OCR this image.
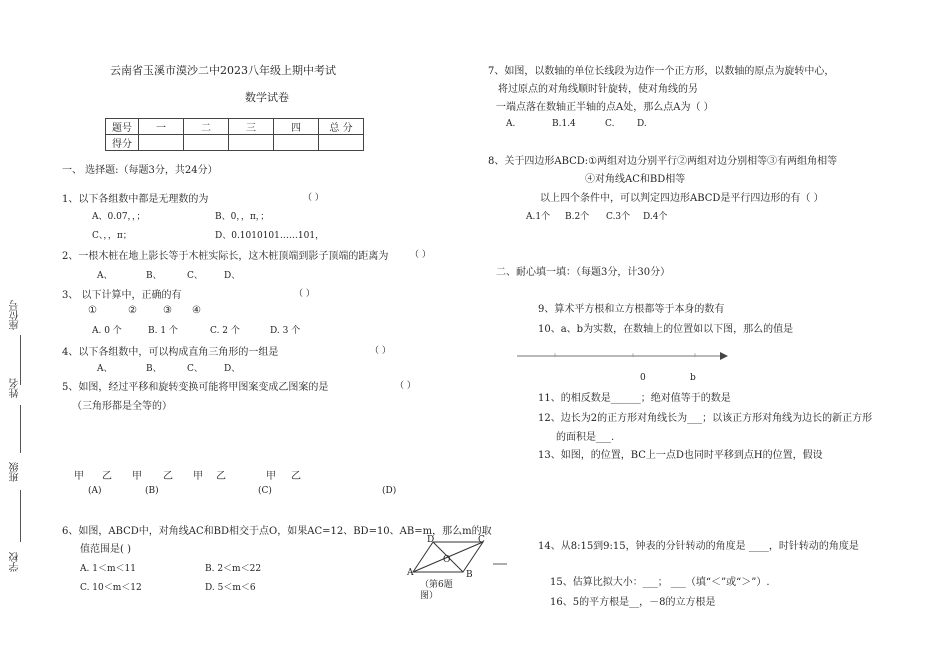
云南省玉溪市漠沙二中2023八年级上期中考试
数学试卷
题号	一	二	三	四	总 分
得分					
一、 选择题:（每题3分，共24分）
1、以下各组数中都是无理数的为	（ ）
A、0.07，，；	B、0，，π，；
C、，，π；	D、0.1010101……101，
2、一根木桩在地上影长等于木桩实际长，这木桩顶端到影子顶端的距离为 （ ）
A、	B、	C、 D、
3、 以下计算中，正确的有	（ ）
①	②	③ ④
A. 0 个	B. 1 个	C. 2 个	D. 3 个
4、以下各组数中，可以构成直角三角形的一组是	（ ）
A、	B、	C、 D、
5、如图，经过平移和旋转变换可能将甲图案变成乙图案的是	（ ）
（三角形都是全等的）
甲 乙 甲 乙 甲 乙	甲 乙
(A)	(B)	(C)	(D)
6、如图，ABCD中，对角线AC和BD相交于点O，如果AC=12、BD=10、AB=m，那么m的取
值范围是( )
A. 1＜m＜11	B. 2＜m＜22
C. 10＜m＜12	D. 5＜m＜6
D	C
A	B
O
（第6题
图）
座位号
姓名
班级
学校
7、如图，以数轴的单位长线段为边作一个正方形，以数轴的原点为旋转中心，
将过原点的对角线顺时针旋转，使对角线的另
一端点落在数轴正半轴的点A处，那么点A为（ ）
A.	B.1.4	C.	D.
8、关于四边形ABCD:①两组对边分别平行②两组对边分别相等③有两组角相等
④对角线AC和BD相等
以上四个条件中，可以判定四边形ABCD是平行四边形的有（ ）
A.1个 B.2个 C.3个 D.4个
二、耐心填一填：（每题3分，计30分）
9、算术平方根和立方根都等于本身的数有
10、a、b为实数，在数轴上的位置如以下图，那么的值是
0	b
11、的相反数是______；绝对值等于的数是
12、边长为2的正方形对角线长为___；以该正方形对角线为边长的新正方形
的面积是___.
13、如图，的位置，BC上一点D也同时平移到点H的位置，假设
14、从8:15到9:15，钟表的分针转动的角度是 ____，时针转动的角度是
15、估算比拟大小：___； ___（填“＜”或“＞”）.
16、5的平方根是__，－8的立方根是
